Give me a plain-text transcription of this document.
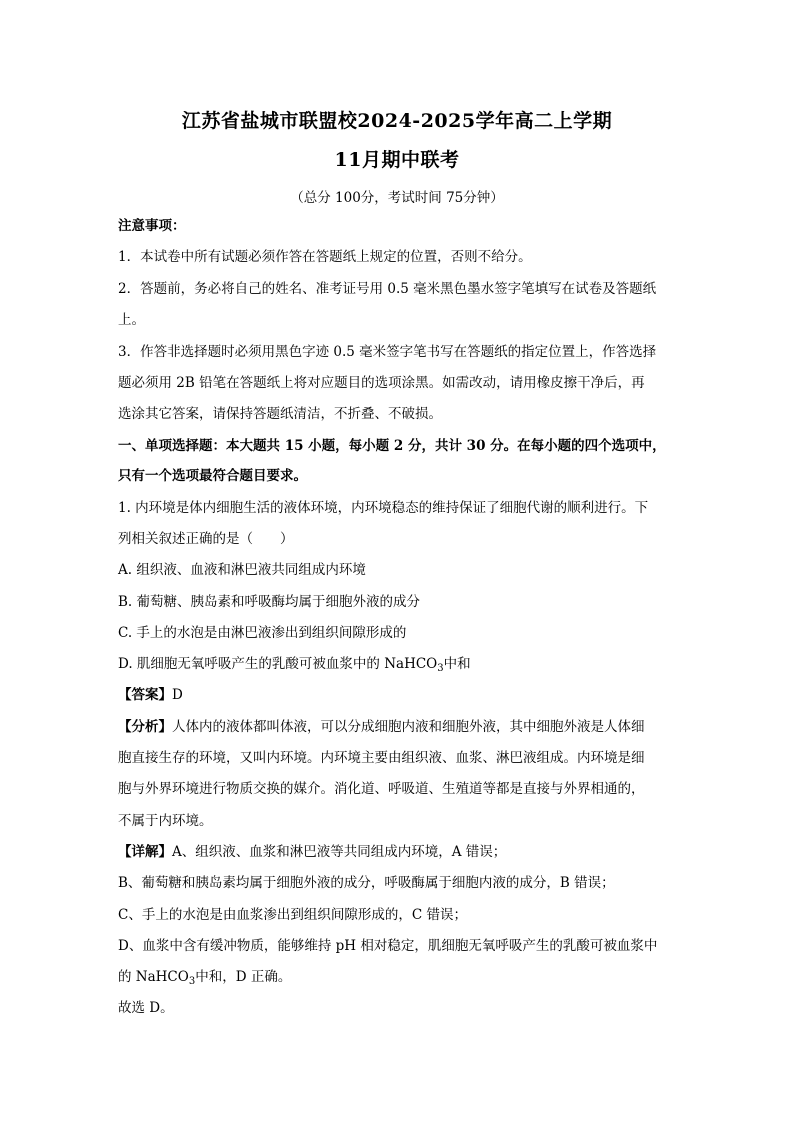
江苏省盐城市联盟校2024-2025学年高二上学期
11月期中联考
（总分 100分，考试时间 75分钟）
注意事项：
1．本试卷中所有试题必须作答在答题纸上规定的位置，否则不给分。
2．答题前，务必将自己的姓名、准考证号用 0.5 毫米黑色墨水签字笔填写在试卷及答题纸
上。
3．作答非选择题时必须用黑色字迹 0.5 毫米签字笔书写在答题纸的指定位置上，作答选择
题必须用 2B 铅笔在答题纸上将对应题目的选项涂黑。如需改动，请用橡皮擦干净后，再
选涂其它答案，请保持答题纸清洁，不折叠、不破损。
一、单项选择题：本大题共 15 小题，每小题 2 分，共计 30 分。在每小题的四个选项中，
只有一个选项最符合题目要求。
1. 内环境是体内细胞生活的液体环境，内环境稳态的维持保证了细胞代谢的顺利进行。下
列相关叙述正确的是（　　）
A. 组织液、血液和淋巴液共同组成内环境
B. 葡萄糖、胰岛素和呼吸酶均属于细胞外液的成分
C. 手上的水泡是由淋巴液渗出到组织间隙形成的
D. 肌细胞无氧呼吸产生的乳酸可被血浆中的 NaHCO$_3$中和
【答案】D
【分析】人体内的液体都叫体液，可以分成细胞内液和细胞外液，其中细胞外液是人体细
胞直接生存的环境，又叫内环境。内环境主要由组织液、血浆、淋巴液组成。内环境是细
胞与外界环境进行物质交换的媒介。消化道、呼吸道、生殖道等都是直接与外界相通的，
不属于内环境。
【详解】A、组织液、血浆和淋巴液等共同组成内环境，A 错误；
B、葡萄糖和胰岛素均属于细胞外液的成分，呼吸酶属于细胞内液的成分，B 错误；
C、手上的水泡是由血浆渗出到组织间隙形成的，C 错误；
D、血浆中含有缓冲物质，能够维持 pH 相对稳定，肌细胞无氧呼吸产生的乳酸可被血浆中
的 NaHCO$_3$中和，D 正确。
故选 D。
